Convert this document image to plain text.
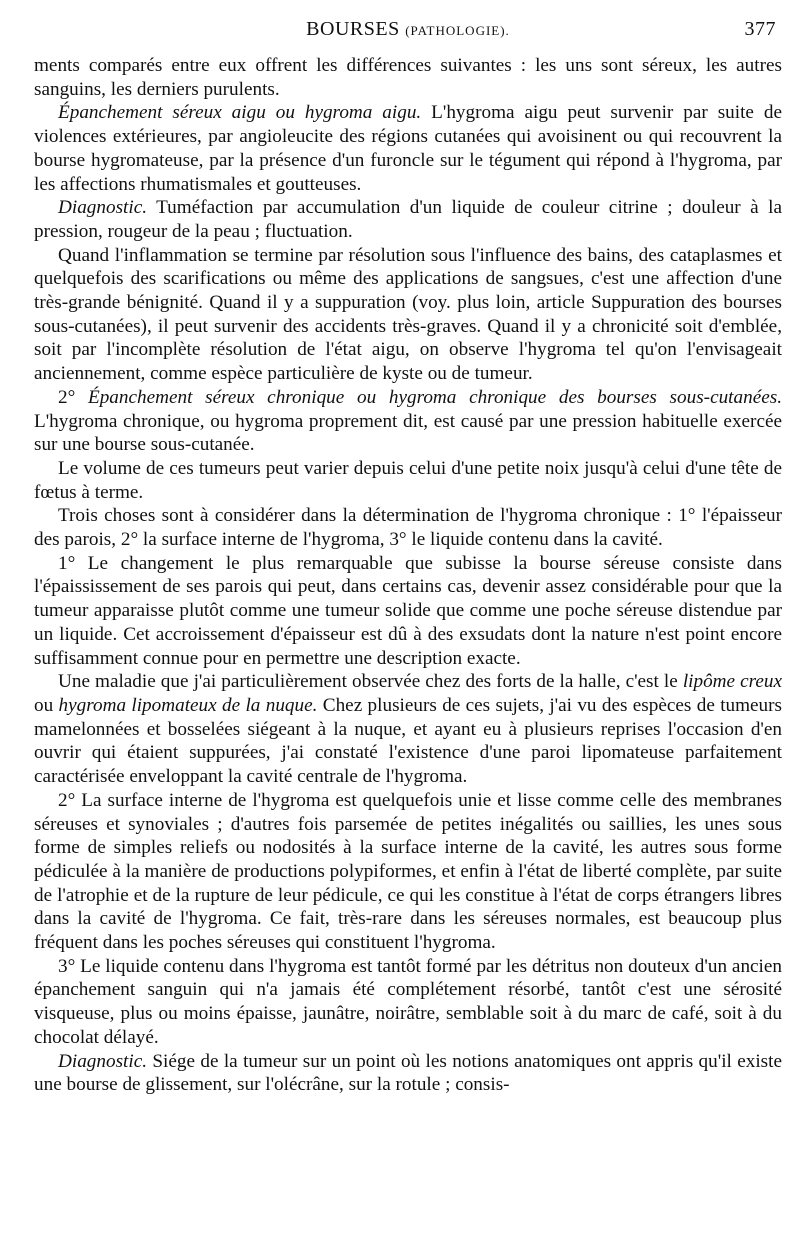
BOURSES (PATHOLOGIE).	377

ments comparés entre eux offrent les différences suivantes : les uns sont séreux, les autres sanguins, les derniers purulents.

Épanchement séreux aigu ou hygroma aigu. L'hygroma aigu peut survenir par suite de violences extérieures, par angioleucite des régions cutanées qui avoisinent ou qui recouvrent la bourse hygromateuse, par la présence d'un furoncle sur le tégument qui répond à l'hygroma, par les affections rhumatismales et goutteuses.

Diagnostic. Tuméfaction par accumulation d'un liquide de couleur citrine ; douleur à la pression, rougeur de la peau ; fluctuation.

Quand l'inflammation se termine par résolution sous l'influence des bains, des cataplasmes et quelquefois des scarifications ou même des applications de sangsues, c'est une affection d'une très-grande bénignité. Quand il y a suppuration (voy. plus loin, article Suppuration des bourses sous-cutanées), il peut survenir des accidents très-graves. Quand il y a chronicité soit d'emblée, soit par l'incomplète résolution de l'état aigu, on observe l'hygroma tel qu'on l'envisageait anciennement, comme espèce particulière de kyste ou de tumeur.

2° Épanchement séreux chronique ou hygroma chronique des bourses sous-cutanées. L'hygroma chronique, ou hygroma proprement dit, est causé par une pression habituelle exercée sur une bourse sous-cutanée.

Le volume de ces tumeurs peut varier depuis celui d'une petite noix jusqu'à celui d'une tête de fœtus à terme.

Trois choses sont à considérer dans la détermination de l'hygroma chronique : 1° l'épaisseur des parois, 2° la surface interne de l'hygroma, 3° le liquide contenu dans la cavité.

1° Le changement le plus remarquable que subisse la bourse séreuse consiste dans l'épaississement de ses parois qui peut, dans certains cas, devenir assez considérable pour que la tumeur apparaisse plutôt comme une tumeur solide que comme une poche séreuse distendue par un liquide. Cet accroissement d'épaisseur est dû à des exsudats dont la nature n'est point encore suffisamment connue pour en permettre une description exacte.

Une maladie que j'ai particulièrement observée chez des forts de la halle, c'est le lipôme creux ou hygroma lipomateux de la nuque. Chez plusieurs de ces sujets, j'ai vu des espèces de tumeurs mamelonnées et bosselées siégeant à la nuque, et ayant eu à plusieurs reprises l'occasion d'en ouvrir qui étaient suppurées, j'ai constaté l'existence d'une paroi lipomateuse parfaitement caractérisée enveloppant la cavité centrale de l'hygroma.

2° La surface interne de l'hygroma est quelquefois unie et lisse comme celle des membranes séreuses et synoviales ; d'autres fois parsemée de petites inégalités ou saillies, les unes sous forme de simples reliefs ou nodosités à la surface interne de la cavité, les autres sous forme pédiculée à la manière de productions polypiformes, et enfin à l'état de liberté complète, par suite de l'atrophie et de la rupture de leur pédicule, ce qui les constitue à l'état de corps étrangers libres dans la cavité de l'hygroma. Ce fait, très-rare dans les séreuses normales, est beaucoup plus fréquent dans les poches séreuses qui constituent l'hygroma.

3° Le liquide contenu dans l'hygroma est tantôt formé par les détritus non douteux d'un ancien épanchement sanguin qui n'a jamais été complétement résorbé, tantôt c'est une sérosité visqueuse, plus ou moins épaisse, jaunâtre, noirâtre, semblable soit à du marc de café, soit à du chocolat délayé.

Diagnostic. Siége de la tumeur sur un point où les notions anatomiques ont appris qu'il existe une bourse de glissement, sur l'olécrâne, sur la rotule ; consis-
